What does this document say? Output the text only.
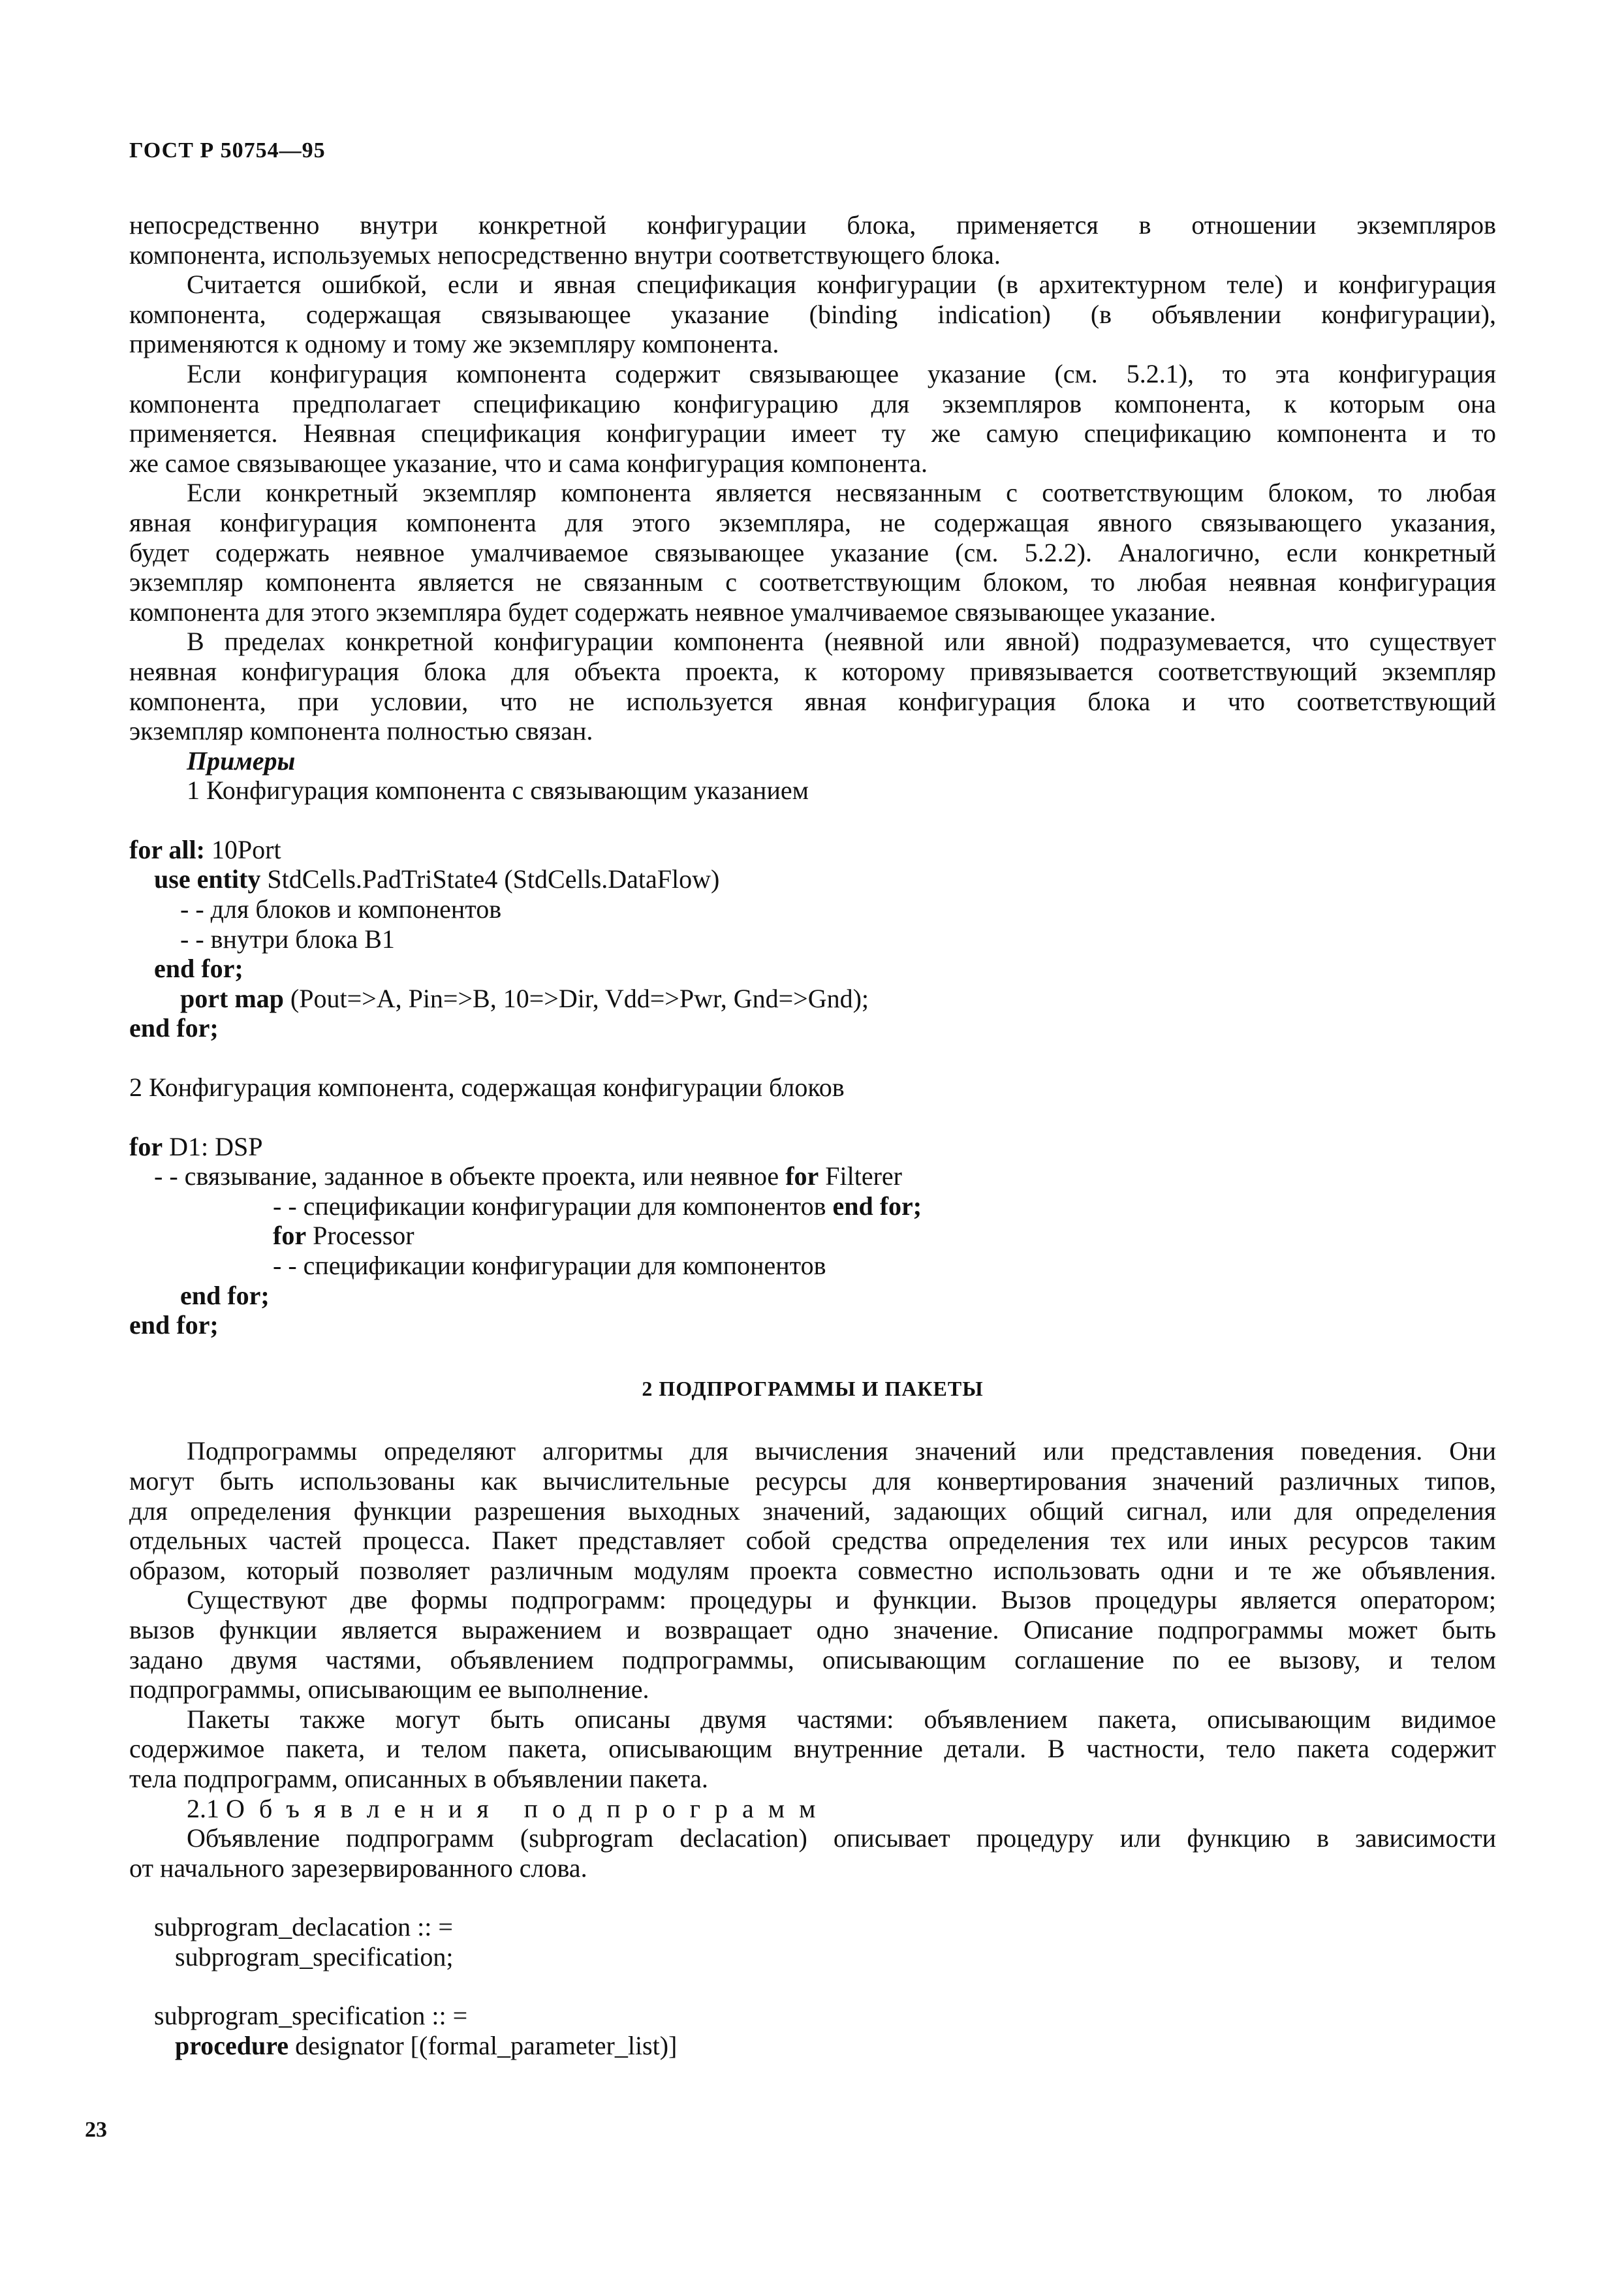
ГОСТ Р 50754—95
непосредственно внутри конкретной конфигурации блока, применяется в отношении экземпляров
компонента, используемых непосредственно внутри соответствующего блока.
Считается ошибкой, если и явная спецификация конфигурации (в архитектурном теле) и конфигурация
компонента, содержащая связывающее указание (binding indication) (в объявлении конфигурации),
применяются к одному и тому же экземпляру компонента.
Если конфигурация компонента содержит связывающее указание (см. 5.2.1), то эта конфигурация
компонента предполагает спецификацию конфигурацию для экземпляров компонента, к которым она
применяется. Неявная спецификация конфигурации имеет ту же самую спецификацию компонента и то
же самое связывающее указание, что и сама конфигурация компонента.
Если конкретный экземпляр компонента является несвязанным с соответствующим блоком, то любая
явная конфигурация компонента для этого экземпляра, не содержащая явного связывающего указания,
будет содержать неявное умалчиваемое связывающее указание (см. 5.2.2). Аналогично, если конкретный
экземпляр компонента является не связанным с соответствующим блоком, то любая неявная конфигурация
компонента для этого экземпляра будет содержать неявное умалчиваемое связывающее указание.
В пределах конкретной конфигурации компонента (неявной или явной) подразумевается, что существует
неявная конфигурация блока для объекта проекта, к которому привязывается соответствующий экземпляр
компонента, при условии, что не используется явная конфигурация блока и что соответствующий
экземпляр компонента полностью связан.
Примеры
1 Конфигурация компонента с связывающим указанием
for all: 10Port
use entity StdCells.PadTriState4 (StdCells.DataFlow)
- - для блоков и компонентов
- - внутри блока B1
end for;
port map (Pout=>A, Pin=>B, 10=>Dir, Vdd=>Pwr, Gnd=>Gnd);
end for;
2 Конфигурация компонента, содержащая конфигурации блоков
for D1: DSP
- - связывание, заданное в объекте проекта, или неявное for Filterer
- - спецификации конфигурации для компонентов end for;
for Processor
- - спецификации конфигурации для компонентов
end for;
end for;
2 ПОДПРОГРАММЫ И ПАКЕТЫ
Подпрограммы определяют алгоритмы для вычисления значений или представления поведения. Они
могут быть использованы как вычислительные ресурсы для конвертирования значений различных типов,
для определения функции разрешения выходных значений, задающих общий сигнал, или для определения
отдельных частей процесса. Пакет представляет собой средства определения тех или иных ресурсов таким
образом, который позволяет различным модулям проекта совместно использовать одни и те же объявления.
Существуют две формы подпрограмм: процедуры и функции. Вызов процедуры является оператором;
вызов функции является выражением и возвращает одно значение. Описание подпрограммы может быть
задано двумя частями, объявлением подпрограммы, описывающим соглашение по ее вызову, и телом
подпрограммы, описывающим ее выполнение.
Пакеты также могут быть описаны двумя частями: объявлением пакета, описывающим видимое
содержимое пакета, и телом пакета, описывающим внутренние детали. В частности, тело пакета содержит
тела подпрограмм, описанных в объявлении пакета.
2.1 Объявления подпрограмм
Объявление подпрограмм (subprogram declacation) описывает процедуру или функцию в зависимости
от начального зарезервированного слова.
subprogram_declacation :: =
subprogram_specification;
subprogram_specification :: =
procedure designator [(formal_parameter_list)]
23
